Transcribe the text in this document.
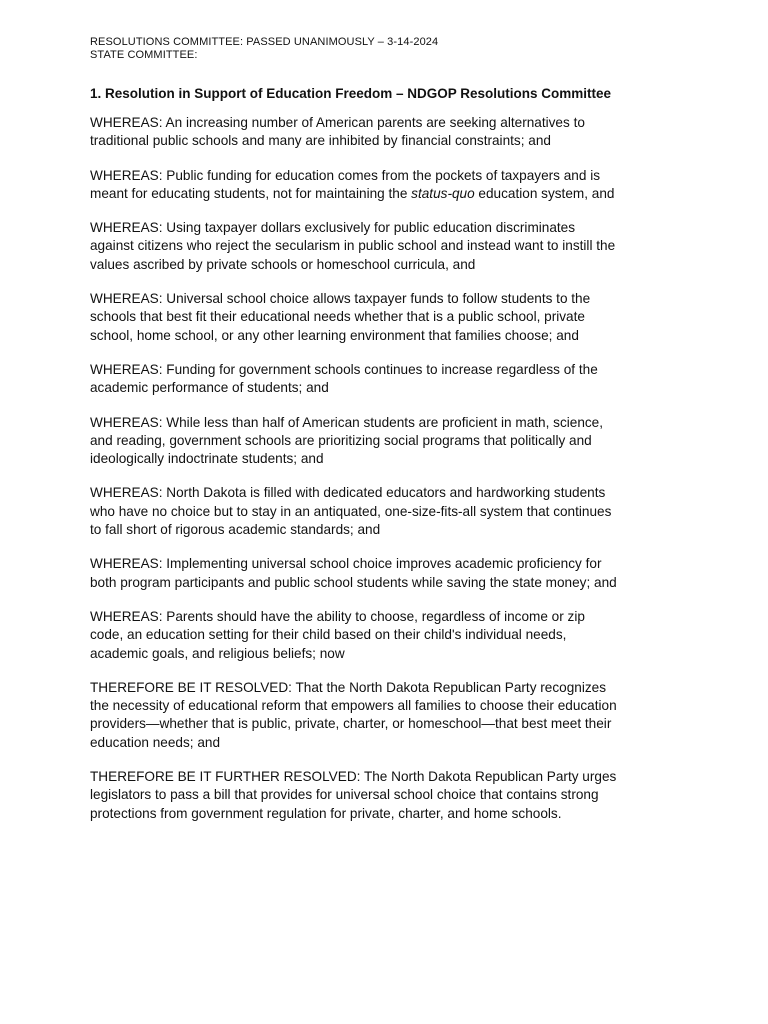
RESOLUTIONS COMMITTEE: PASSED UNANIMOUSLY – 3-14-2024

STATE COMMITTEE:

1. Resolution in Support of Education Freedom – NDGOP Resolutions Committee

WHEREAS: An increasing number of American parents are seeking alternatives to
traditional public schools and many are inhibited by financial constraints; and

WHEREAS: Public funding for education comes from the pockets of taxpayers and is
meant for educating students, not for maintaining the status-quo education system, and

WHEREAS: Using taxpayer dollars exclusively for public education discriminates
against citizens who reject the secularism in public school and instead want to instill the
values ascribed by private schools or homeschool curricula, and

WHEREAS: Universal school choice allows taxpayer funds to follow students to the
schools that best fit their educational needs whether that is a public school, private
school, home school, or any other learning environment that families choose; and

WHEREAS: Funding for government schools continues to increase regardless of the
academic performance of students; and

WHEREAS: While less than half of American students are proficient in math, science,
and reading, government schools are prioritizing social programs that politically and
ideologically indoctrinate students; and

WHEREAS: North Dakota is filled with dedicated educators and hardworking students
who have no choice but to stay in an antiquated, one-size-fits-all system that continues
to fall short of rigorous academic standards; and

WHEREAS: Implementing universal school choice improves academic proficiency for
both program participants and public school students while saving the state money; and

WHEREAS: Parents should have the ability to choose, regardless of income or zip
code, an education setting for their child based on their child's individual needs,
academic goals, and religious beliefs; now

THEREFORE BE IT RESOLVED: That the North Dakota Republican Party recognizes
the necessity of educational reform that empowers all families to choose their education
providers—whether that is public, private, charter, or homeschool—that best meet their
education needs; and

THEREFORE BE IT FURTHER RESOLVED: The North Dakota Republican Party urges
legislators to pass a bill that provides for universal school choice that contains strong
protections from government regulation for private, charter, and home schools.
